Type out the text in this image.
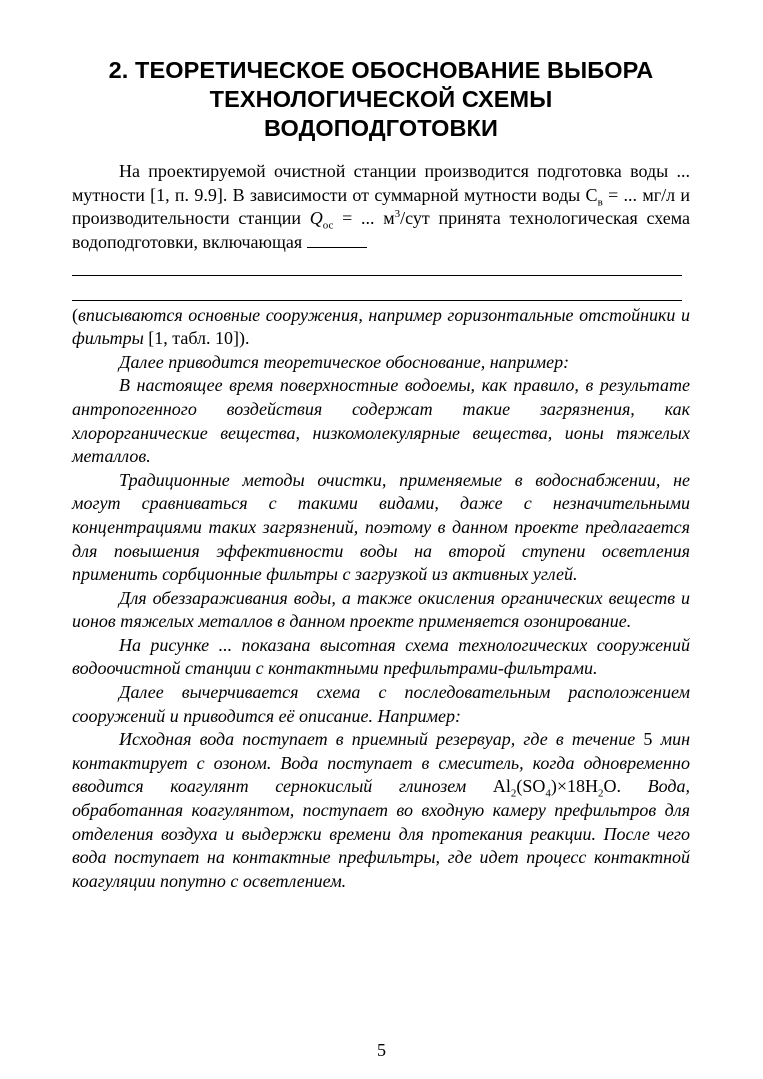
2. ТЕОРЕТИЧЕСКОЕ ОБОСНОВАНИЕ ВЫБОРА
ТЕХНОЛОГИЧЕСКОЙ СХЕМЫ
ВОДОПОДГОТОВКИ

На проектируемой очистной станции производится подготовка воды ... мутности [1, п. 9.9]. В зависимости от суммарной мутности воды $С_в$ = ... мг/л и производительности станции $Q_{ос}$ = ... $м^3$/сут принята технологическая схема водоподготовки, включающая

(вписываются основные сооружения, например горизонтальные отстойники и фильтры [1, табл. 10]).

Далее приводится теоретическое обоснование, например:

В настоящее время поверхностные водоемы, как правило, в результате антропогенного воздействия содержат такие загрязнения, как хлорорганические вещества, низкомолекулярные вещества, ионы тяжелых металлов.

Традиционные методы очистки, применяемые в водоснабжении, не могут сравниваться с такими видами, даже с незначительными концентрациями таких загрязнений, поэтому в данном проекте предлагается для повышения эффективности воды на второй ступени осветления применить сорбционные фильтры с загрузкой из активных углей.

Для обеззараживания воды, а также окисления органических веществ и ионов тяжелых металлов в данном проекте применяется озонирование.

На рисунке ... показана высотная схема технологических сооружений водоочистной станции с контактными префильтрами-фильтрами.

Далее вычерчивается схема с последовательным расположением сооружений и приводится её описание. Например:

Исходная вода поступает в приемный резервуар, где в течение 5 мин контактирует с озоном. Вода поступает в смеситель, когда одновременно вводится коагулянт сернокислый глинозем $Al_2(SO_4)\times 18H_2O$. Вода, обработанная коагулянтом, поступает во входную камеру префильтров для отделения воздуха и выдержки времени для протекания реакции. После чего вода поступает на контактные префильтры, где идет процесс контактной коагуляции попутно с осветлением.

5
